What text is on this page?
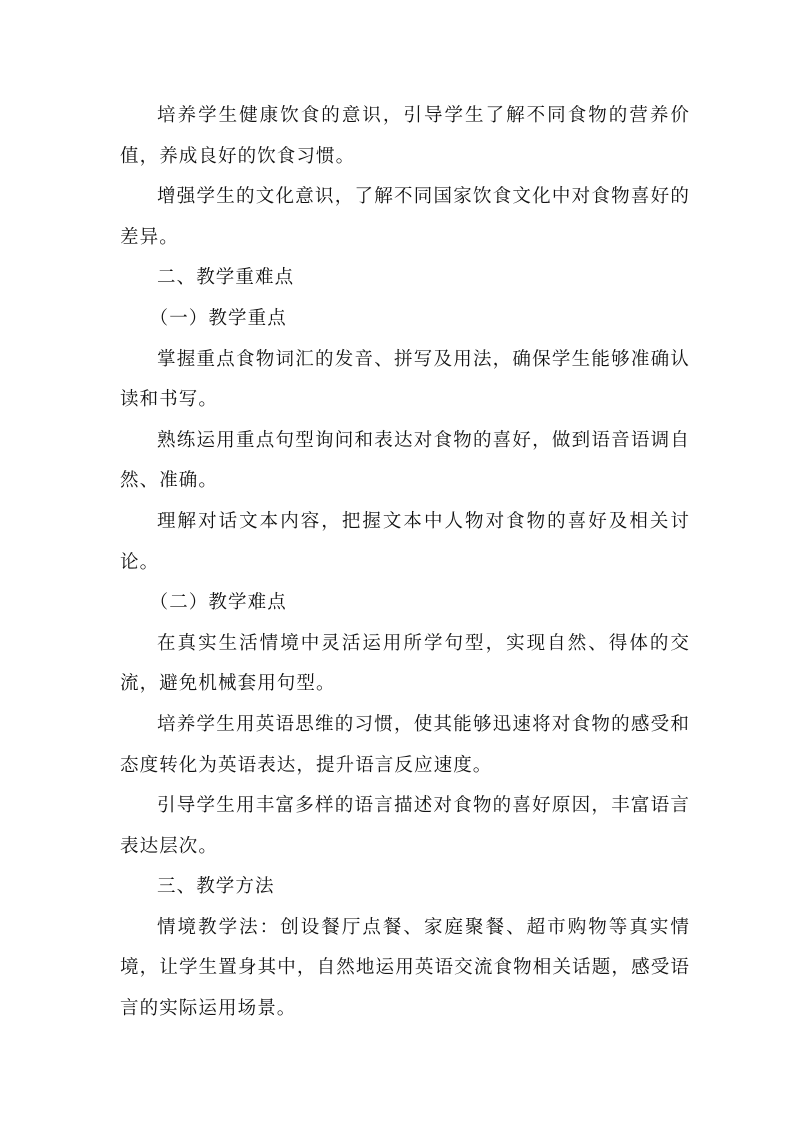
培养学生健康饮食的意识，引导学生了解不同食物的营养价值，养成良好的饮食习惯。

增强学生的文化意识，了解不同国家饮食文化中对食物喜好的差异。

二、教学重难点

（一）教学重点

掌握重点食物词汇的发音、拼写及用法，确保学生能够准确认读和书写。

熟练运用重点句型询问和表达对食物的喜好，做到语音语调自然、准确。

理解对话文本内容，把握文本中人物对食物的喜好及相关讨论。

（二）教学难点

在真实生活情境中灵活运用所学句型，实现自然、得体的交流，避免机械套用句型。

培养学生用英语思维的习惯，使其能够迅速将对食物的感受和态度转化为英语表达，提升语言反应速度。

引导学生用丰富多样的语言描述对食物的喜好原因，丰富语言表达层次。

三、教学方法

情境教学法：创设餐厅点餐、家庭聚餐、超市购物等真实情境，让学生置身其中，自然地运用英语交流食物相关话题，感受语言的实际运用场景。
